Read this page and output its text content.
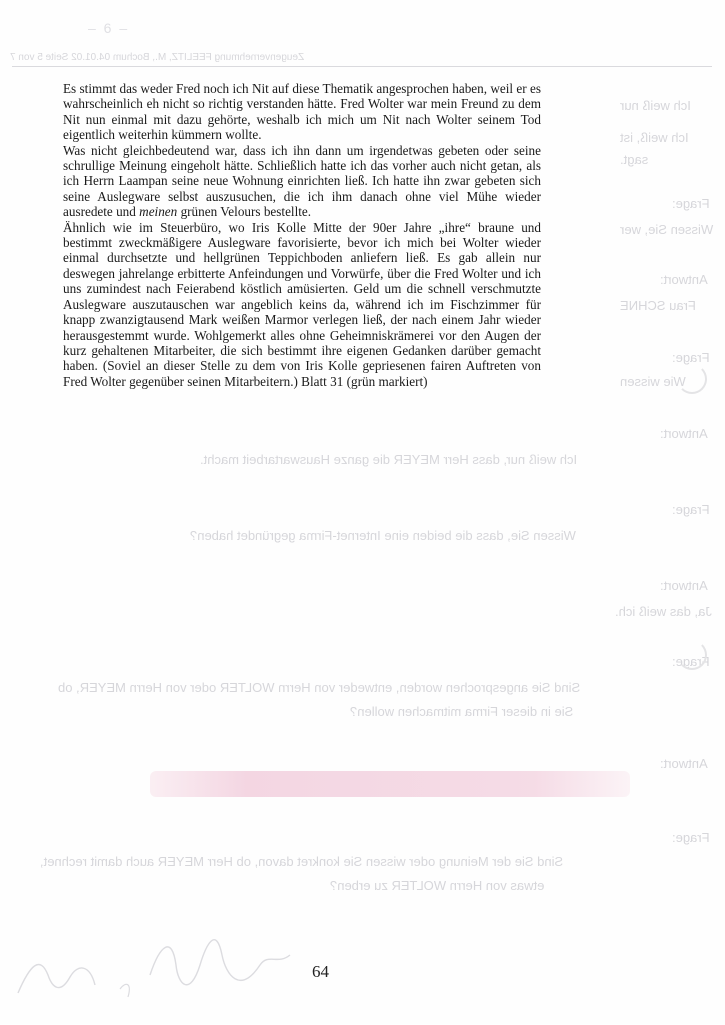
Zeugenvernehmung FEELITZ, M., Bochum 04.01.02 Seite 5 von 7
Ich weiß nur
Ich weiß, ist
sagt.
Frage:
Wissen Sie, wer
Antwort:
Frau SCHNE
Frage:
Wie wissen
Antwort:
Ich weiß nur, dass Herr MEYER die ganze Hauswartarbeit macht.
Frage:
Wissen Sie, dass die beiden eine Internet-Firma gegründet haben?
Antwort:
Ja, das weiß ich.
Frage:
Sind Sie angesprochen worden, entweder von Herrn WOLTER oder von Herrn MEYER, ob
Sie in dieser Firma mitmachen wollen?
Antwort:
Frage:
Sind Sie der Meinung oder wissen Sie konkret davon, ob Herr MEYER auch damit rechnet,
etwas von Herrn WOLTER zu erben?
– 6 –

Es stimmt das weder Fred noch ich Nit auf diese Thematik angesprochen haben, weil er es wahrscheinlich eh nicht so richtig verstanden hätte. Fred Wolter war mein Freund zu dem Nit nun einmal mit dazu gehörte, weshalb ich mich um Nit nach Wolter seinem Tod eigentlich weiterhin kümmern wollte.

Was nicht gleichbedeutend war, dass ich ihn dann um irgendetwas gebeten oder seine schrullige Meinung eingeholt hätte. Schließlich hatte ich das vorher auch nicht getan, als ich Herrn Laampan seine neue Wohnung einrichten ließ. Ich hatte ihn zwar gebeten sich seine Auslegware selbst auszusuchen, die ich ihm danach ohne viel Mühe wieder ausredete und meinen grünen Velours bestellte.

Ähnlich wie im Steuerbüro, wo Iris Kolle Mitte der 90er Jahre „ihre“ braune und bestimmt zweckmäßigere Auslegware favorisierte, bevor ich mich bei Wolter wieder einmal durchsetzte und hellgrünen Teppichboden anliefern ließ. Es gab allein nur deswegen jahrelange erbitterte Anfeindungen und Vorwürfe, über die Fred Wolter und ich uns zumindest nach Feierabend köstlich amüsierten. Geld um die schnell verschmutzte Auslegware auszutauschen war angeblich keins da, während ich im Fischzimmer für knapp zwanzigtausend Mark weißen Marmor verlegen ließ, der nach einem Jahr wieder herausgestemmt wurde. Wohlgemerkt alles ohne Geheimniskrämerei vor den Augen der kurz gehaltenen Mitarbeiter, die sich bestimmt ihre eigenen Gedanken darüber gemacht haben. (Soviel an dieser Stelle zu dem von Iris Kolle gepriesenen fairen Auftreten von Fred Wolter gegenüber seinen Mitarbeitern.) Blatt 31 (grün markiert)

64
